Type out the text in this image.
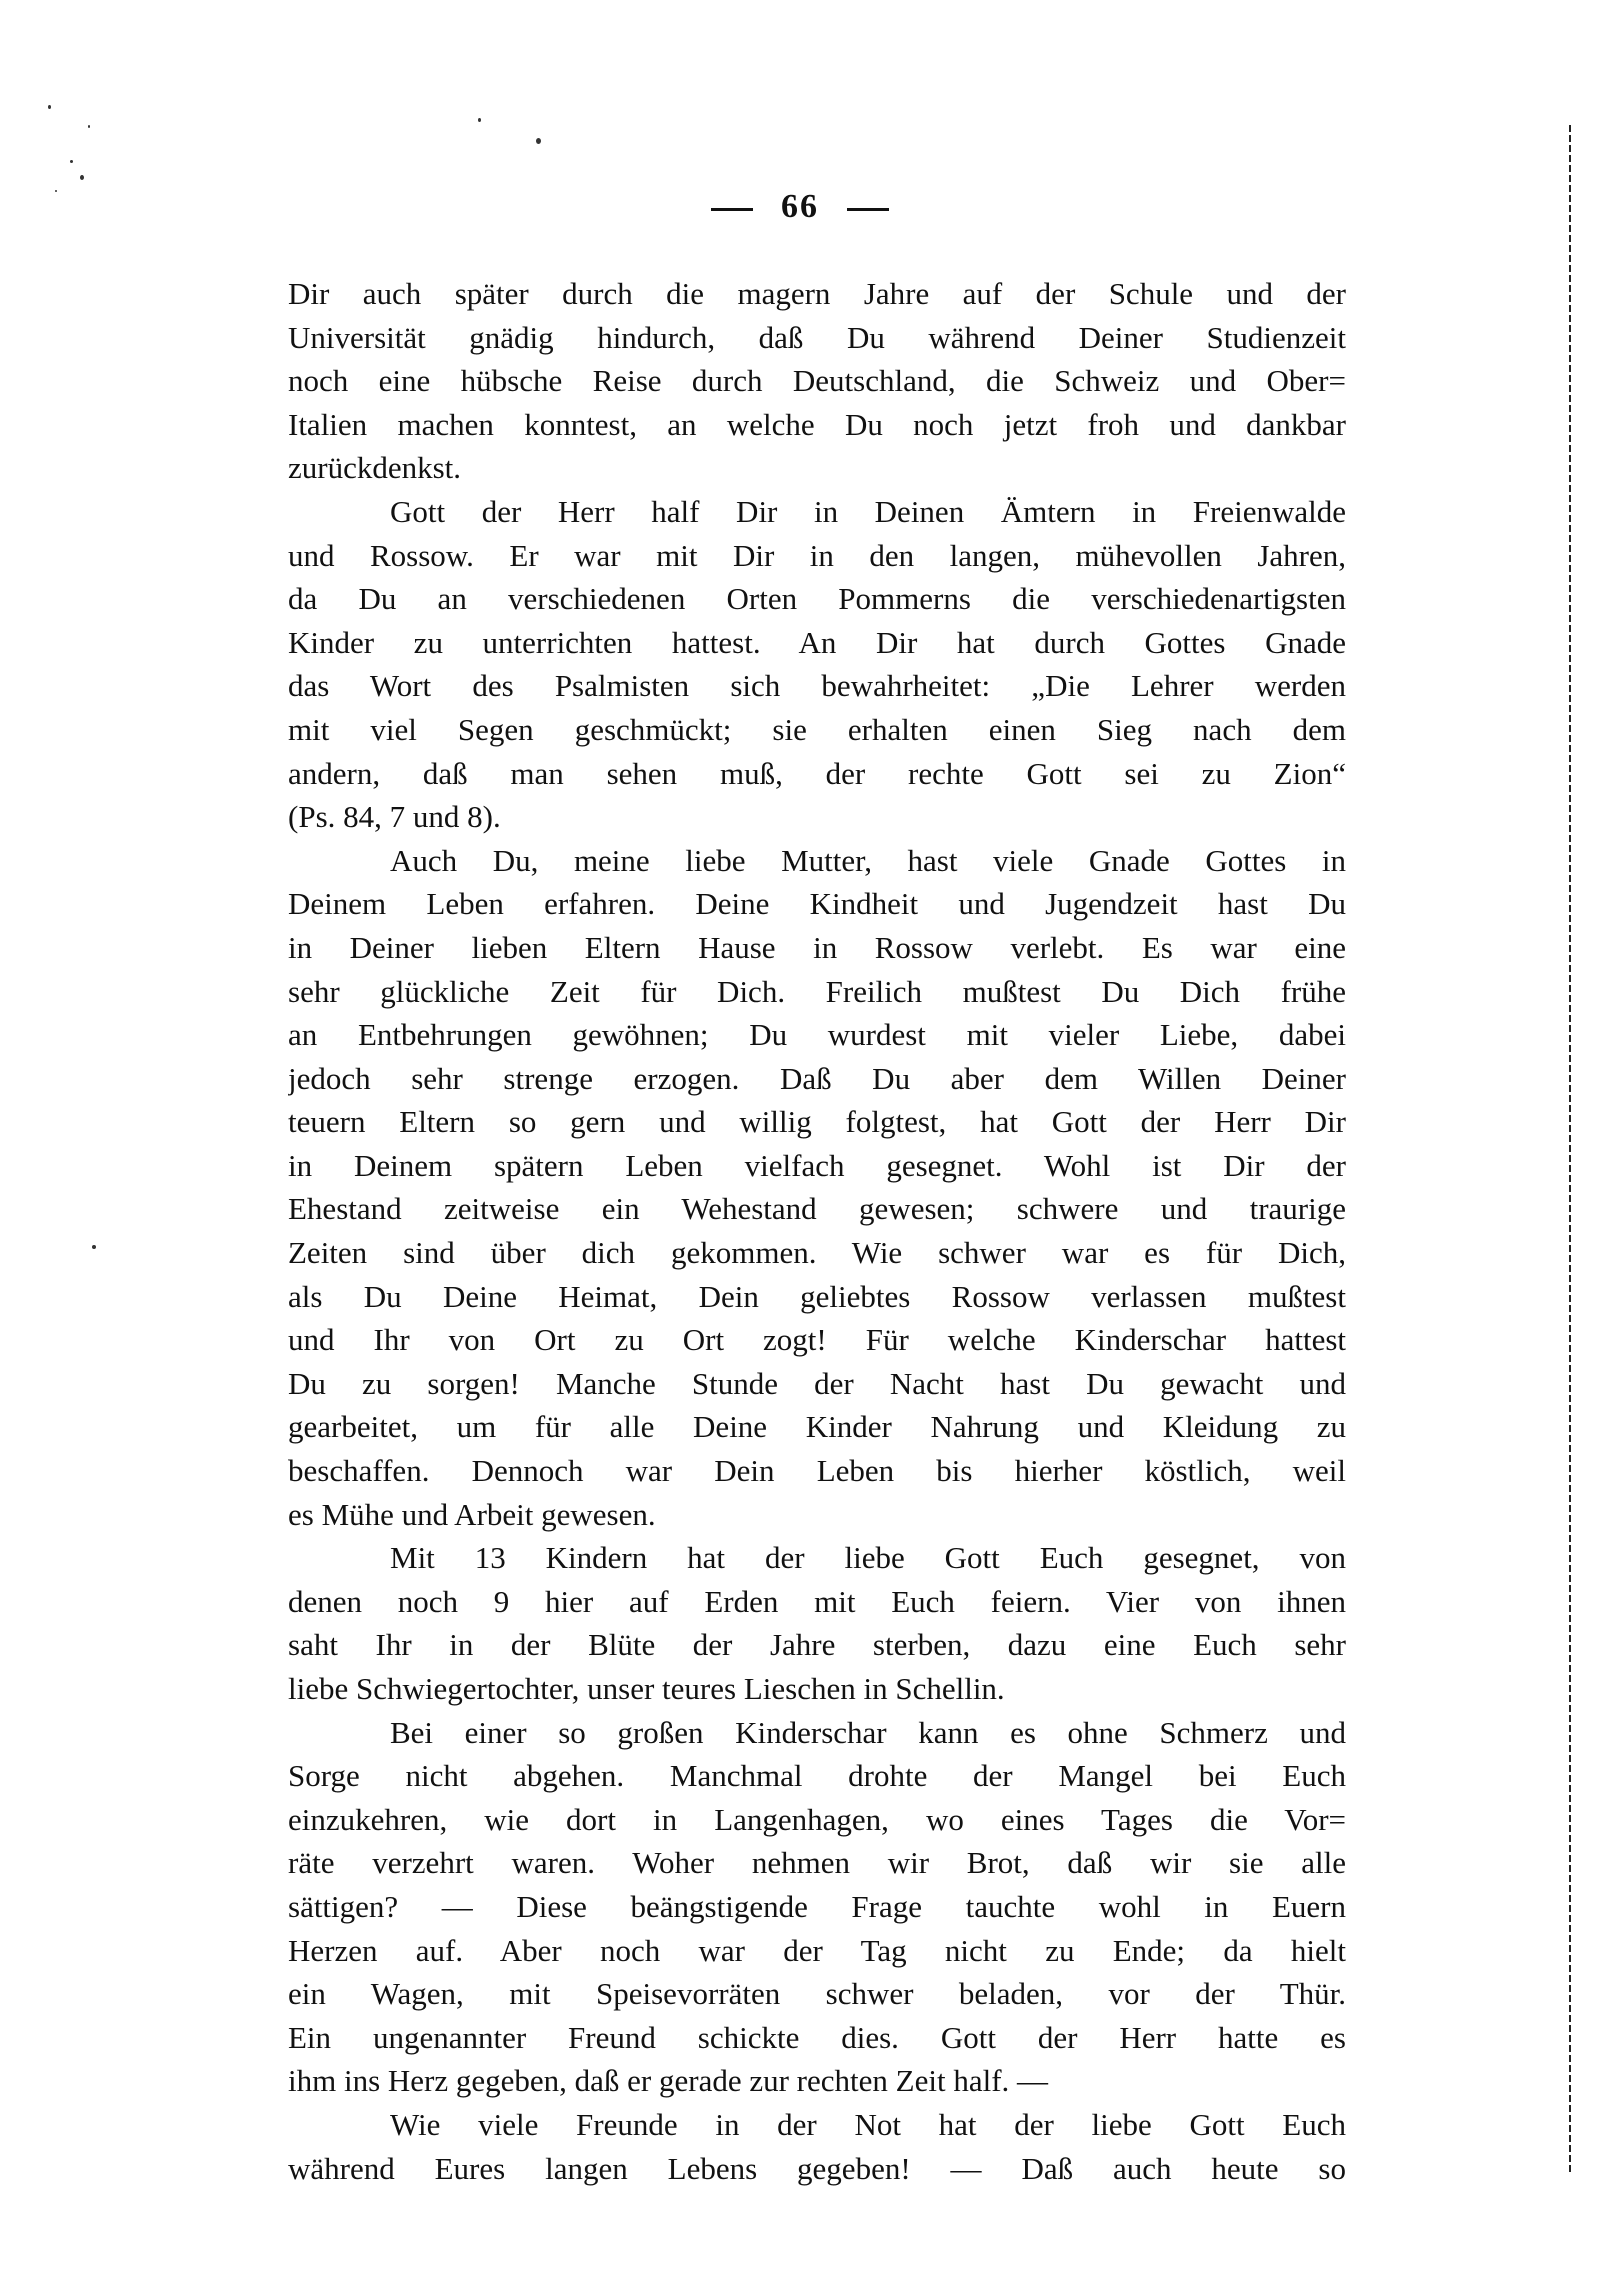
66
Dir auch später durch die magern Jahre auf der Schule und der
Universität gnädig hindurch, daß Du während Deiner Studienzeit
noch eine hübsche Reise durch Deutschland, die Schweiz und Ober=
Italien machen konntest, an welche Du noch jetzt froh und dankbar
zurückdenkst.
Gott der Herr half Dir in Deinen Ämtern in Freienwalde
und Rossow. Er war mit Dir in den langen, mühevollen Jahren,
da Du an verschiedenen Orten Pommerns die verschiedenartigsten
Kinder zu unterrichten hattest. An Dir hat durch Gottes Gnade
das Wort des Psalmisten sich bewahrheitet: „Die Lehrer werden
mit viel Segen geschmückt; sie erhalten einen Sieg nach dem
andern, daß man sehen muß, der rechte Gott sei zu Zion“
(Ps. 84, 7 und 8).
Auch Du, meine liebe Mutter, hast viele Gnade Gottes in
Deinem Leben erfahren. Deine Kindheit und Jugendzeit hast Du
in Deiner lieben Eltern Hause in Rossow verlebt. Es war eine
sehr glückliche Zeit für Dich. Freilich mußtest Du Dich frühe
an Entbehrungen gewöhnen; Du wurdest mit vieler Liebe, dabei
jedoch sehr strenge erzogen. Daß Du aber dem Willen Deiner
teuern Eltern so gern und willig folgtest, hat Gott der Herr Dir
in Deinem spätern Leben vielfach gesegnet. Wohl ist Dir der
Ehestand zeitweise ein Wehestand gewesen; schwere und traurige
Zeiten sind über dich gekommen. Wie schwer war es für Dich,
als Du Deine Heimat, Dein geliebtes Rossow verlassen mußtest
und Ihr von Ort zu Ort zogt! Für welche Kinderschar hattest
Du zu sorgen! Manche Stunde der Nacht hast Du gewacht und
gearbeitet, um für alle Deine Kinder Nahrung und Kleidung zu
beschaffen. Dennoch war Dein Leben bis hierher köstlich, weil
es Mühe und Arbeit gewesen.
Mit 13 Kindern hat der liebe Gott Euch gesegnet, von
denen noch 9 hier auf Erden mit Euch feiern. Vier von ihnen
saht Ihr in der Blüte der Jahre sterben, dazu eine Euch sehr
liebe Schwiegertochter, unser teures Lieschen in Schellin.
Bei einer so großen Kinderschar kann es ohne Schmerz und
Sorge nicht abgehen. Manchmal drohte der Mangel bei Euch
einzukehren, wie dort in Langenhagen, wo eines Tages die Vor=
räte verzehrt waren. Woher nehmen wir Brot, daß wir sie alle
sättigen? — Diese beängstigende Frage tauchte wohl in Euern
Herzen auf. Aber noch war der Tag nicht zu Ende; da hielt
ein Wagen, mit Speisevorräten schwer beladen, vor der Thür.
Ein ungenannter Freund schickte dies. Gott der Herr hatte es
ihm ins Herz gegeben, daß er gerade zur rechten Zeit half. —
Wie viele Freunde in der Not hat der liebe Gott Euch
während Eures langen Lebens gegeben! — Daß auch heute so
